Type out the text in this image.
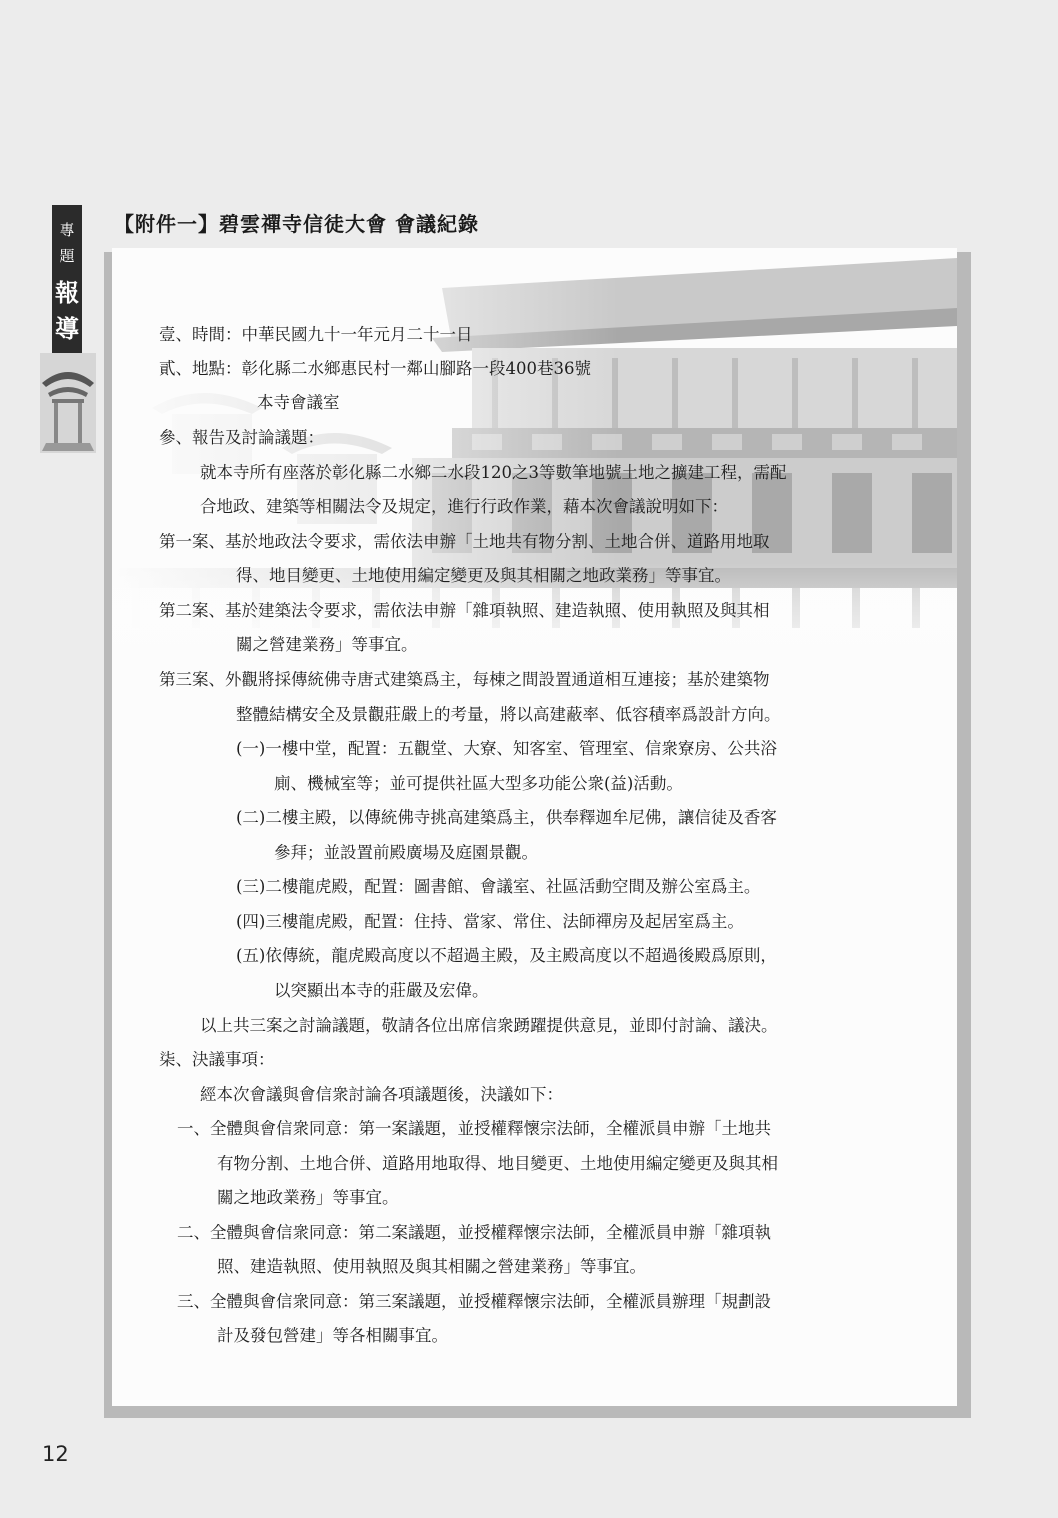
專
題
報
導
【附件一】碧雲禪寺信徒大會 會議紀錄
壹、時間：中華民國九十一年元月二十一日
貳、地點：彰化縣二水鄉惠民村一鄰山腳路一段400巷36號
本寺會議室
參、報告及討論議題：
就本寺所有座落於彰化縣二水鄉二水段120之3等數筆地號土地之擴建工程，需配
合地政、建築等相關法令及規定，進行行政作業，藉本次會議說明如下：
第一案、基於地政法令要求，需依法申辦「土地共有物分割、土地合併、道路用地取
得、地目變更、土地使用編定變更及與其相關之地政業務」等事宜。
第二案、基於建築法令要求，需依法申辦「雜項執照、建造執照、使用執照及與其相
關之營建業務」等事宜。
第三案、外觀將採傳統佛寺唐式建築爲主，每棟之間設置通道相互連接；基於建築物
整體結構安全及景觀莊嚴上的考量，將以高建蔽率、低容積率爲設計方向。
(一)一樓中堂，配置：五觀堂、大寮、知客室、管理室、信衆寮房、公共浴
廁、機械室等；並可提供社區大型多功能公衆(益)活動。
(二)二樓主殿，以傳統佛寺挑高建築爲主，供奉釋迦牟尼佛，讓信徒及香客
參拜；並設置前殿廣場及庭園景觀。
(三)二樓龍虎殿，配置：圖書館、會議室、社區活動空間及辦公室爲主。
(四)三樓龍虎殿，配置：住持、當家、常住、法師禪房及起居室爲主。
(五)依傳統，龍虎殿高度以不超過主殿，及主殿高度以不超過後殿爲原則，
以突顯出本寺的莊嚴及宏偉。
以上共三案之討論議題，敬請各位出席信衆踴躍提供意見，並即付討論、議決。
柒、決議事項：
經本次會議與會信衆討論各項議題後，決議如下：
一、全體與會信衆同意：第一案議題，並授權釋懷宗法師，全權派員申辦「土地共
有物分割、土地合併、道路用地取得、地目變更、土地使用編定變更及與其相
關之地政業務」等事宜。
二、全體與會信衆同意：第二案議題，並授權釋懷宗法師，全權派員申辦「雜項執
照、建造執照、使用執照及與其相關之營建業務」等事宜。
三、全體與會信衆同意：第三案議題，並授權釋懷宗法師，全權派員辦理「規劃設
計及發包營建」等各相關事宜。
12
